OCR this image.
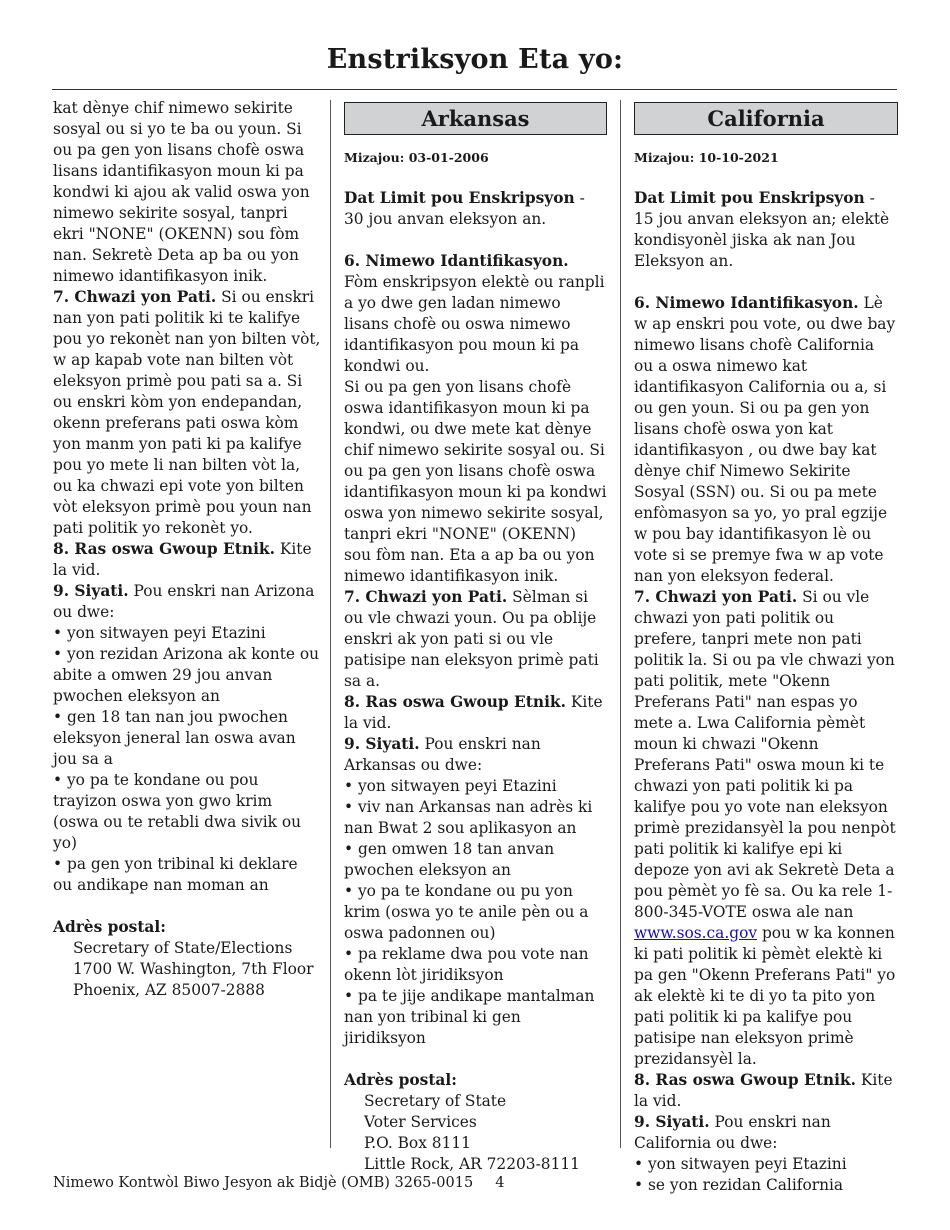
Enstriksyon Eta yo:

kat dènye chif nimewo sekirite sosyal ou si yo te ba ou youn. Si ou pa gen yon lisans chofè oswa lisans idantifikasyon moun ki pa kondwi ki ajou ak valid oswa yon nimewo sekirite sosyal, tanpri ekri "NONE" (OKENN) sou fòm nan. Sekretè Deta ap ba ou yon nimewo idantifikasyon inik.

7. Chwazi yon Pati. Si ou enskri nan yon pati politik ki te kalifye pou yo rekonèt nan yon bilten vòt, w ap kapab vote nan bilten vòt eleksyon primè pou pati sa a. Si ou enskri kòm yon endepandan, okenn preferans pati oswa kòm yon manm yon pati ki pa kalifye pou yo mete li nan bilten vòt la, ou ka chwazi epi vote yon bilten vòt eleksyon primè pou youn nan pati politik yo rekonèt yo.

8. Ras oswa Gwoup Etnik. Kite la vid.

9. Siyati. Pou enskri nan Arizona ou dwe:

• yon sitwayen peyi Etazini
• yon rezidan Arizona ak konte ou abite a omwen 29 jou anvan pwochen eleksyon an
• gen 18 tan nan jou pwochen eleksyon jeneral lan oswa avan jou sa a
• yo pa te kondane ou pou trayizon oswa yon gwo krim (oswa ou te retabli dwa sivik ou yo)
• pa gen yon tribinal ki deklare ou andikape nan moman an
Adrès postal:
Secretary of State/Elections
1700 W. Washington, 7th Floor
Phoenix, AZ 85007-2888
Arkansas
Mizajou: 03-01-2006

Dat Limit pou Enskripsyon - 30 jou anvan eleksyon an.

6. Nimewo Idantifikasyon. Fòm enskripsyon elektè ou ranpli a yo dwe gen ladan nimewo lisans chofè ou oswa nimewo idantifikasyon pou moun ki pa kondwi ou.

Si ou pa gen yon lisans chofè oswa idantifikasyon moun ki pa kondwi, ou dwe mete kat dènye chif nimewo sekirite sosyal ou. Si ou pa gen yon lisans chofè oswa idantifikasyon moun ki pa kondwi oswa yon nimewo sekirite sosyal, tanpri ekri "NONE" (OKENN) sou fòm nan. Eta a ap ba ou yon nimewo idantifikasyon inik.

7. Chwazi yon Pati. Sèlman si ou vle chwazi youn. Ou pa oblije enskri ak yon pati si ou vle patisipe nan eleksyon primè pati sa a.

8. Ras oswa Gwoup Etnik. Kite la vid.

9. Siyati. Pou enskri nan Arkansas ou dwe:

• yon sitwayen peyi Etazini
• viv nan Arkansas nan adrès ki nan Bwat 2 sou aplikasyon an
• gen omwen 18 tan anvan pwochen eleksyon an
• yo pa te kondane ou pu yon krim (oswa yo te anile pèn ou a oswa padonnen ou)
• pa reklame dwa pou vote nan okenn lòt jiridiksyon
• pa te jije andikape mantalman nan yon tribinal ki gen jiridiksyon
Adrès postal:
Secretary of State
Voter Services
P.O. Box 8111
Little Rock, AR 72203-8111
California
Mizajou: 10-10-2021

Dat Limit pou Enskripsyon - 15 jou anvan eleksyon an; elektè kondisyonèl jiska ak nan Jou Eleksyon an.

6. Nimewo Idantifikasyon. Lè w ap enskri pou vote, ou dwe bay nimewo lisans chofè California ou a oswa nimewo kat idantifikasyon California ou a, si ou gen youn. Si ou pa gen yon lisans chofè oswa yon kat idantifikasyon , ou dwe bay kat dènye chif Nimewo Sekirite Sosyal (SSN) ou. Si ou pa mete enfòmasyon sa yo, yo pral egzije w pou bay idantifikasyon lè ou vote si se premye fwa w ap vote nan yon eleksyon federal.

7. Chwazi yon Pati. Si ou vle chwazi yon pati politik ou prefere, tanpri mete non pati politik la. Si ou pa vle chwazi yon pati politik, mete "Okenn Preferans Pati" nan espas yo mete a. Lwa California pèmèt moun ki chwazi "Okenn Preferans Pati" oswa moun ki te chwazi yon pati politik ki pa kalifye pou yo vote nan eleksyon primè prezidansyèl la pou nenpòt pati politik ki kalifye epi ki depoze yon avi ak Sekretè Deta a pou pèmèt yo fè sa. Ou ka rele 1-800-345-VOTE oswa ale nan www.sos.ca.gov pou w ka konnen ki pati politik ki pèmèt elektè ki pa gen "Okenn Preferans Pati" yo ak elektè ki te di yo ta pito yon pati politik ki pa kalifye pou patisipe nan eleksyon primè prezidansyèl la.

8. Ras oswa Gwoup Etnik. Kite la vid.

9. Siyati. Pou enskri nan California ou dwe:

• yon sitwayen peyi Etazini
• se yon rezidan California
Nimewo Kontwòl Biwo Jesyon ak Bidjè (OMB) 3265-0015 4
